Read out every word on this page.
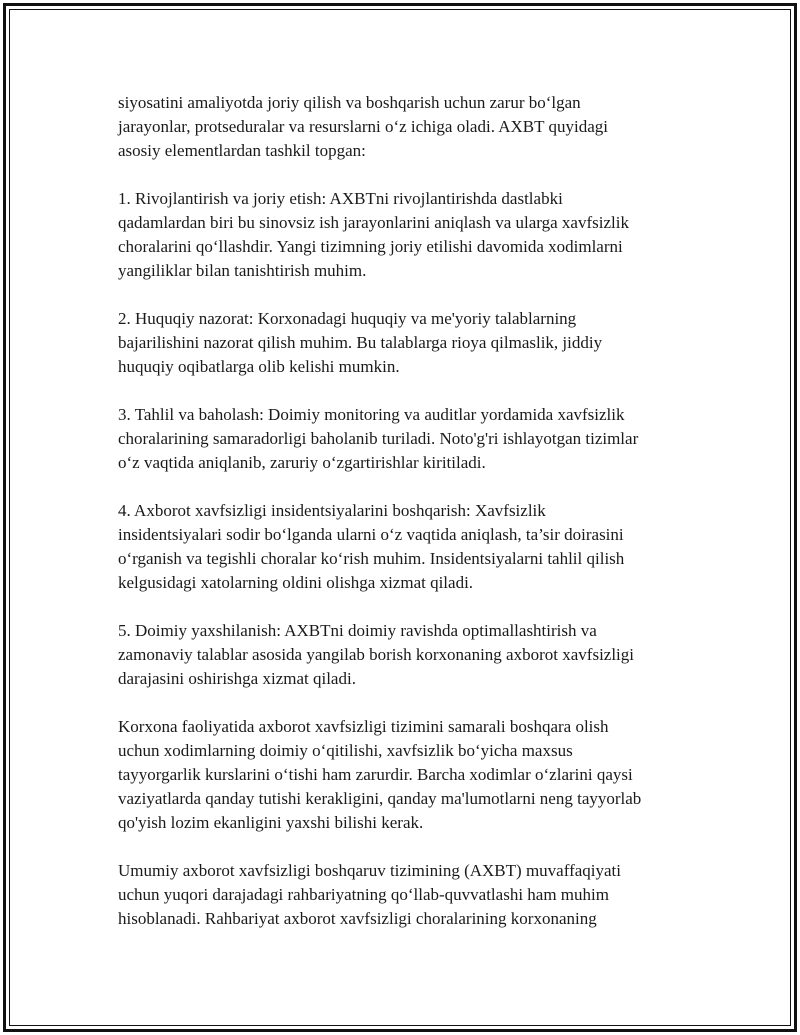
siyosatini amaliyotda joriy qilish va boshqarish uchun zarur bo‘lgan
jarayonlar, protseduralar va resurslarni o‘z ichiga oladi. AXBT quyidagi
asosiy elementlardan tashkil topgan:
1. Rivojlantirish va joriy etish: AXBTni rivojlantirishda dastlabki
qadamlardan biri bu sinovsiz ish jarayonlarini aniqlash va ularga xavfsizlik
choralarini qo‘llashdir. Yangi tizimning joriy etilishi davomida xodimlarni
yangiliklar bilan tanishtirish muhim.
2. Huquqiy nazorat: Korxonadagi huquqiy va me'yoriy talablarning
bajarilishini nazorat qilish muhim. Bu talablarga rioya qilmaslik, jiddiy
huquqiy oqibatlarga olib kelishi mumkin.
3. Tahlil va baholash: Doimiy monitoring va auditlar yordamida xavfsizlik
choralarining samaradorligi baholanib turiladi. Noto'g'ri ishlayotgan tizimlar
o‘z vaqtida aniqlanib, zaruriy o‘zgartirishlar kiritiladi.
4. Axborot xavfsizligi insidentsiyalarini boshqarish: Xavfsizlik
insidentsiyalari sodir bo‘lganda ularni o‘z vaqtida aniqlash, ta’sir doirasini
o‘rganish va tegishli choralar ko‘rish muhim. Insidentsiyalarni tahlil qilish
kelgusidagi xatolarning oldini olishga xizmat qiladi.
5. Doimiy yaxshilanish: AXBTni doimiy ravishda optimallashtirish va
zamonaviy talablar asosida yangilab borish korxonaning axborot xavfsizligi
darajasini oshirishga xizmat qiladi.
Korxona faoliyatida axborot xavfsizligi tizimini samarali boshqara olish
uchun xodimlarning doimiy o‘qitilishi, xavfsizlik bo‘yicha maxsus
tayyorgarlik kurslarini o‘tishi ham zarurdir. Barcha xodimlar o‘zlarini qaysi
vaziyatlarda qanday tutishi kerakligini, qanday ma'lumotlarni neng tayyorlab
qo'yish lozim ekanligini yaxshi bilishi kerak.
Umumiy axborot xavfsizligi boshqaruv tizimining (AXBT) muvaffaqiyati
uchun yuqori darajadagi rahbariyatning qo‘llab-quvvatlashi ham muhim
hisoblanadi. Rahbariyat axborot xavfsizligi choralarining korxonaning
